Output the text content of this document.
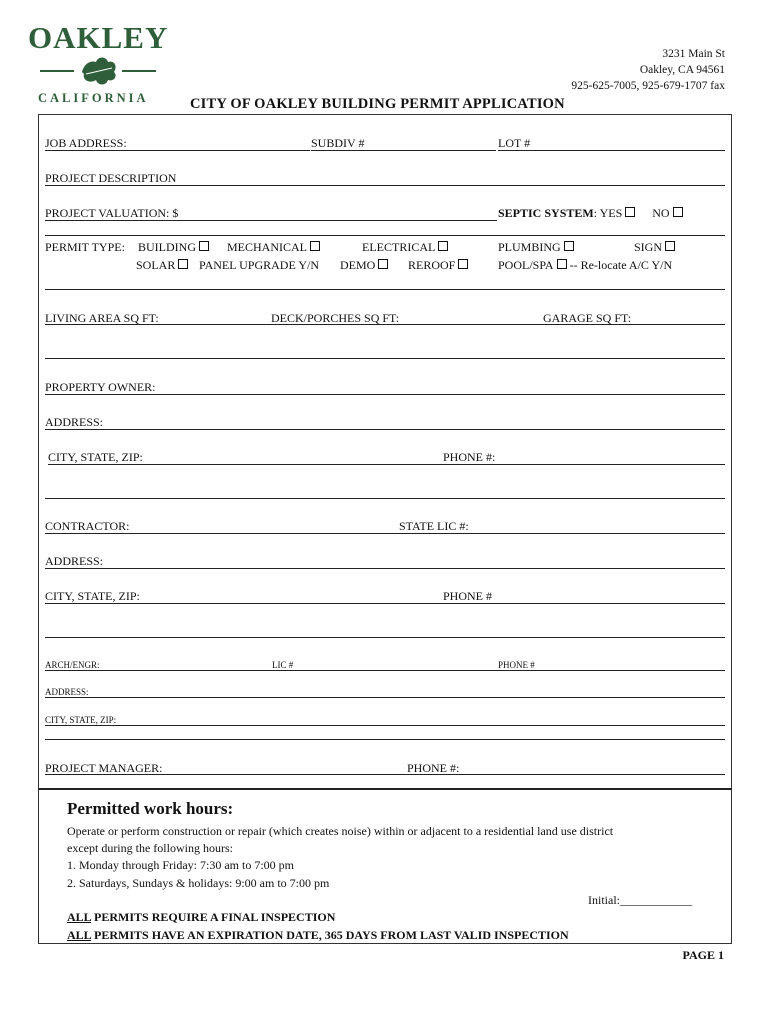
OAKLEY
CALIFORNIA
3231 Main St
Oakley, CA 94561
925-625-7005, 925-679-1707 fax
CITY OF OAKLEY BUILDING PERMIT APPLICATION
JOB ADDRESS:	SUBDIV #	LOT #
PROJECT DESCRIPTION
PROJECT VALUATION: $	SEPTIC SYSTEM: YES	NO
PERMIT TYPE: BUILDING	MECHANICAL	ELECTRICAL	PLUMBING	SIGN
SOLAR	PANEL UPGRADE Y/N DEMO	REROOF	POOL/SPA -- Re-locate A/C Y/N
LIVING AREA SQ FT:	DECK/PORCHES SQ FT:	GARAGE SQ FT:
PROPERTY OWNER:
ADDRESS:
CITY, STATE, ZIP:	PHONE #:
CONTRACTOR:	STATE LIC #:
ADDRESS:
CITY, STATE, ZIP:	PHONE #
ARCH/ENGR:	LIC #	PHONE #
ADDRESS:
CITY, STATE, ZIP:
PROJECT MANAGER:	PHONE #:
Permitted work hours:
Operate or perform construction or repair (which creates noise) within or adjacent to a residential land use district
except during the following hours:
1. Monday through Friday: 7:30 am to 7:00 pm
2. Saturdays, Sundays & holidays: 9:00 am to 7:00 pm
Initial:____________
ALL PERMITS REQUIRE A FINAL INSPECTION
ALL PERMITS HAVE AN EXPIRATION DATE, 365 DAYS FROM LAST VALID INSPECTION
PAGE 1
